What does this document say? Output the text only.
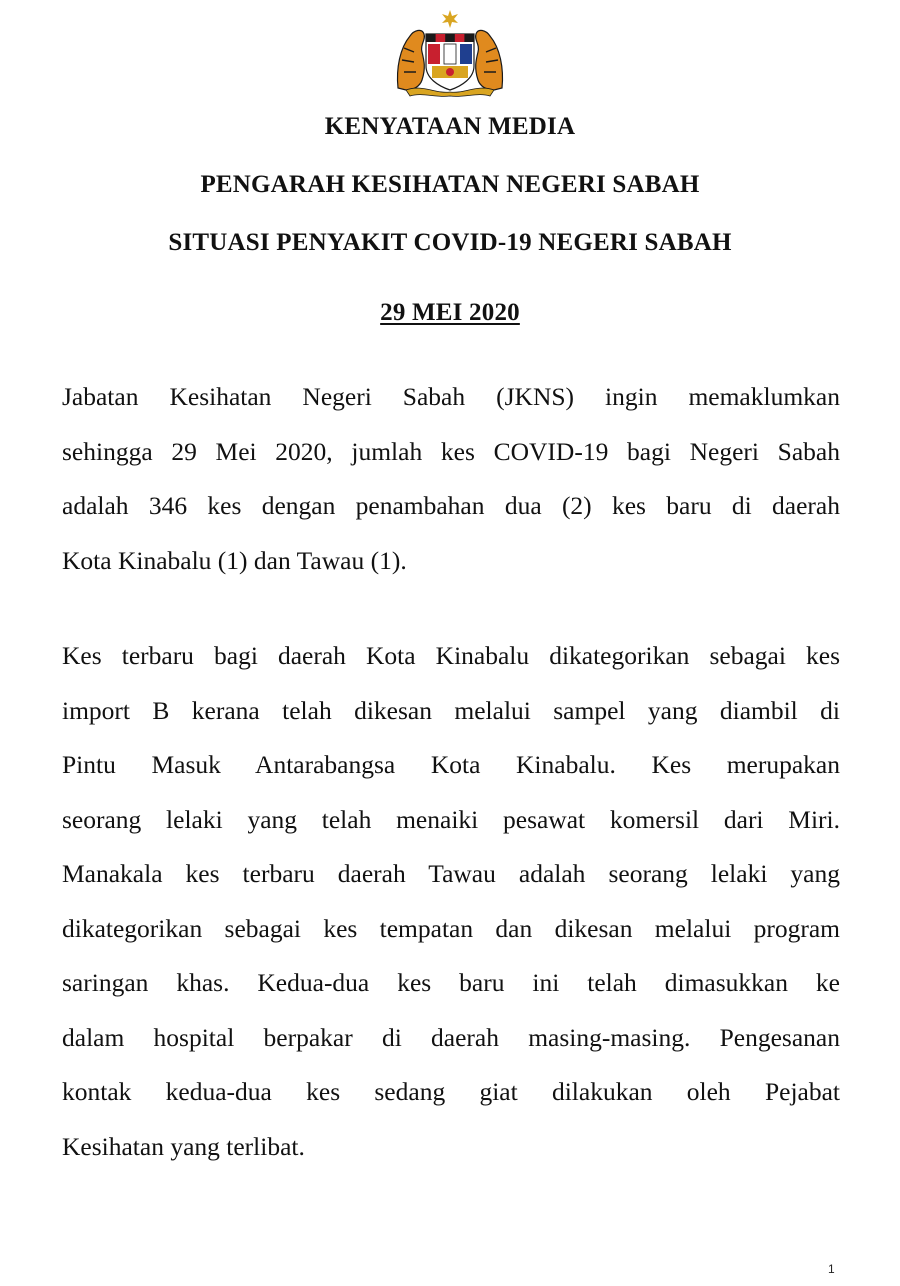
KENYATAAN MEDIA
PENGARAH KESIHATAN NEGERI SABAH
SITUASI PENYAKIT COVID-19 NEGERI SABAH
29 MEI 2020
Jabatan Kesihatan Negeri Sabah (JKNS) ingin memaklumkan
sehingga 29 Mei 2020, jumlah kes COVID-19 bagi Negeri Sabah
adalah 346 kes dengan penambahan dua (2) kes baru di daerah
Kota Kinabalu (1) dan Tawau (1).
Kes terbaru bagi daerah Kota Kinabalu dikategorikan sebagai kes
import B kerana telah dikesan melalui sampel yang diambil di
Pintu Masuk Antarabangsa Kota Kinabalu. Kes merupakan
seorang lelaki yang telah menaiki pesawat komersil dari Miri.
Manakala kes terbaru daerah Tawau adalah seorang lelaki yang
dikategorikan sebagai kes tempatan dan dikesan melalui program
saringan khas. Kedua-dua kes baru ini telah dimasukkan ke
dalam hospital berpakar di daerah masing-masing. Pengesanan
kontak kedua-dua kes sedang giat dilakukan oleh Pejabat
Kesihatan yang terlibat.
1
